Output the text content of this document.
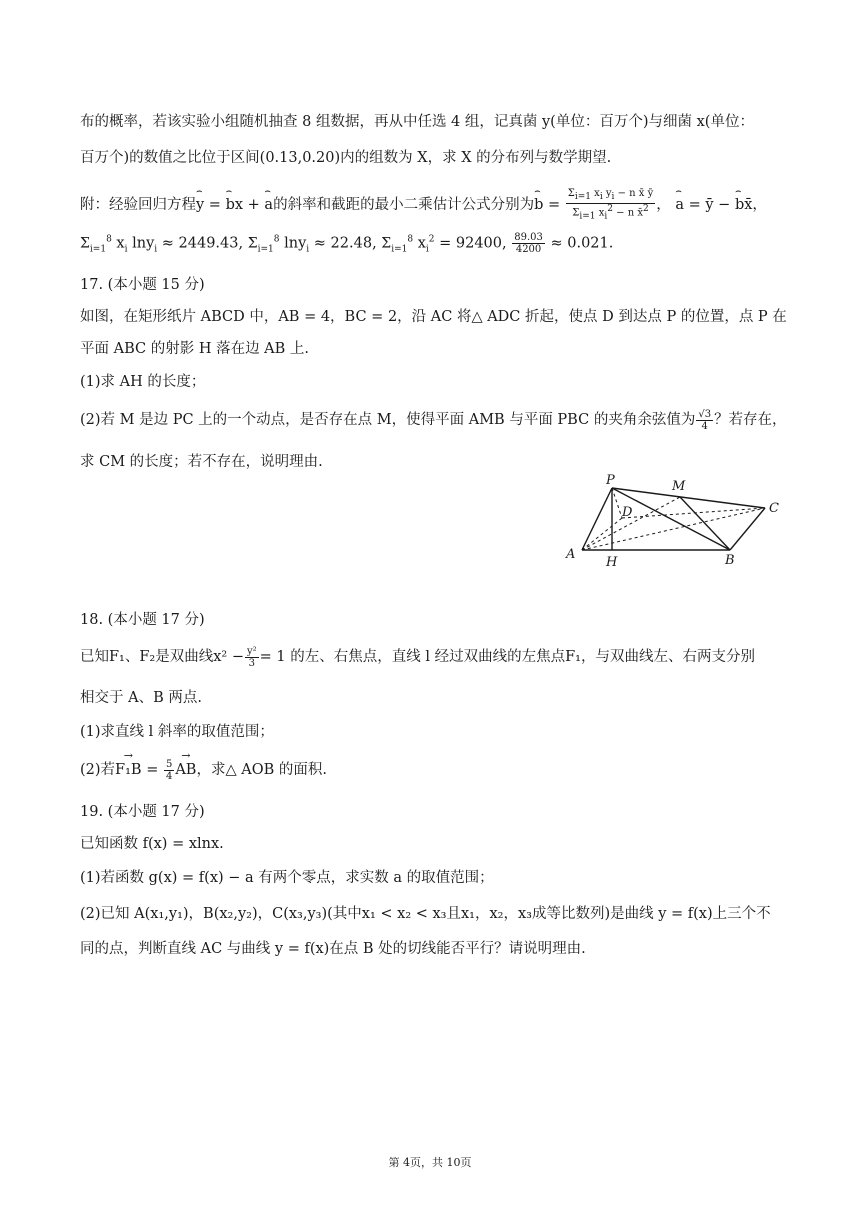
布的概率，若该实验小组随机抽查 8 组数据，再从中任选 4 组，记真菌 y(单位：百万个)与细菌 x(单位：
百万个)的数值之比位于区间(0.13,0.20)内的组数为 X，求 X 的分布列与数学期望.
附：经验回归方程⌢ y = ⌢ bx + ⌢ a的斜率和截距的最小二乘估计公式分别为⌢ $b = \frac{\text{Σi=1 xi yi − n x̄ ȳ}}{\text{Σi=1 xi2 − n x̄2}}$ ， ⌢ a = ȳ − ⌢ bx̄，
$\Sigma_{i=1}^8$ $x_i$ lny$_i$ ≈ 2449.43, $\Sigma_{i=1}^8$ lny$_i$ ≈ 22.48, $\Sigma_{i=1}^8$ $x_i^2 = 92400$, $\frac{89.03}{4200} \approx 0.021$.
17. (本小题 15 分)
如图，在矩形纸片 ABCD 中，AB = 4，BC = 2，沿 AC 将△ ADC 折起，使点 D 到达点 P 的位置，点 P 在
平面 ABC 的射影 H 落在边 AB 上.
(1)求 AH 的长度；
(2)若 M 是边 PC 上的一个动点，是否存在点 M，使得平面 AMB 与平面 PBC 的夹角余弦值为 $\frac{√3}{4}$ ？若存在，
求 CM 的长度；若不存在，说明理由.
P	M
D	C
A
H	B
18. (本小题 17 分)
已知F₁、F₂是双曲线$x^2 - \frac{\text{y²}}{3} = 1$ 的左、右焦点，直线 l 经过双曲线的左焦点F₁，与双曲线左、右两支分别
相交于 A、B 两点.
(1)求直线 l 斜率的取值范围；
(2)若→ $F_1B = \frac{5}{4}$
→ AB，求△ AOB 的面积.
19. (本小题 17 分)
已知函数 f(x) = xlnx.
(1)若函数 g(x) = f(x) − a 有两个零点，求实数 a 的取值范围；
(2)已知 A(x₁,y₁)，B(x₂,y₂)，C(x₃,y₃)(其中x₁ < x₂ < x₃且x₁，x₂，x₃成等比数列)是曲线 y = f(x)上三个不
同的点，判断直线 AC 与曲线 y = f(x)在点 B 处的切线能否平行？请说明理由.
第 4页，共 10页
